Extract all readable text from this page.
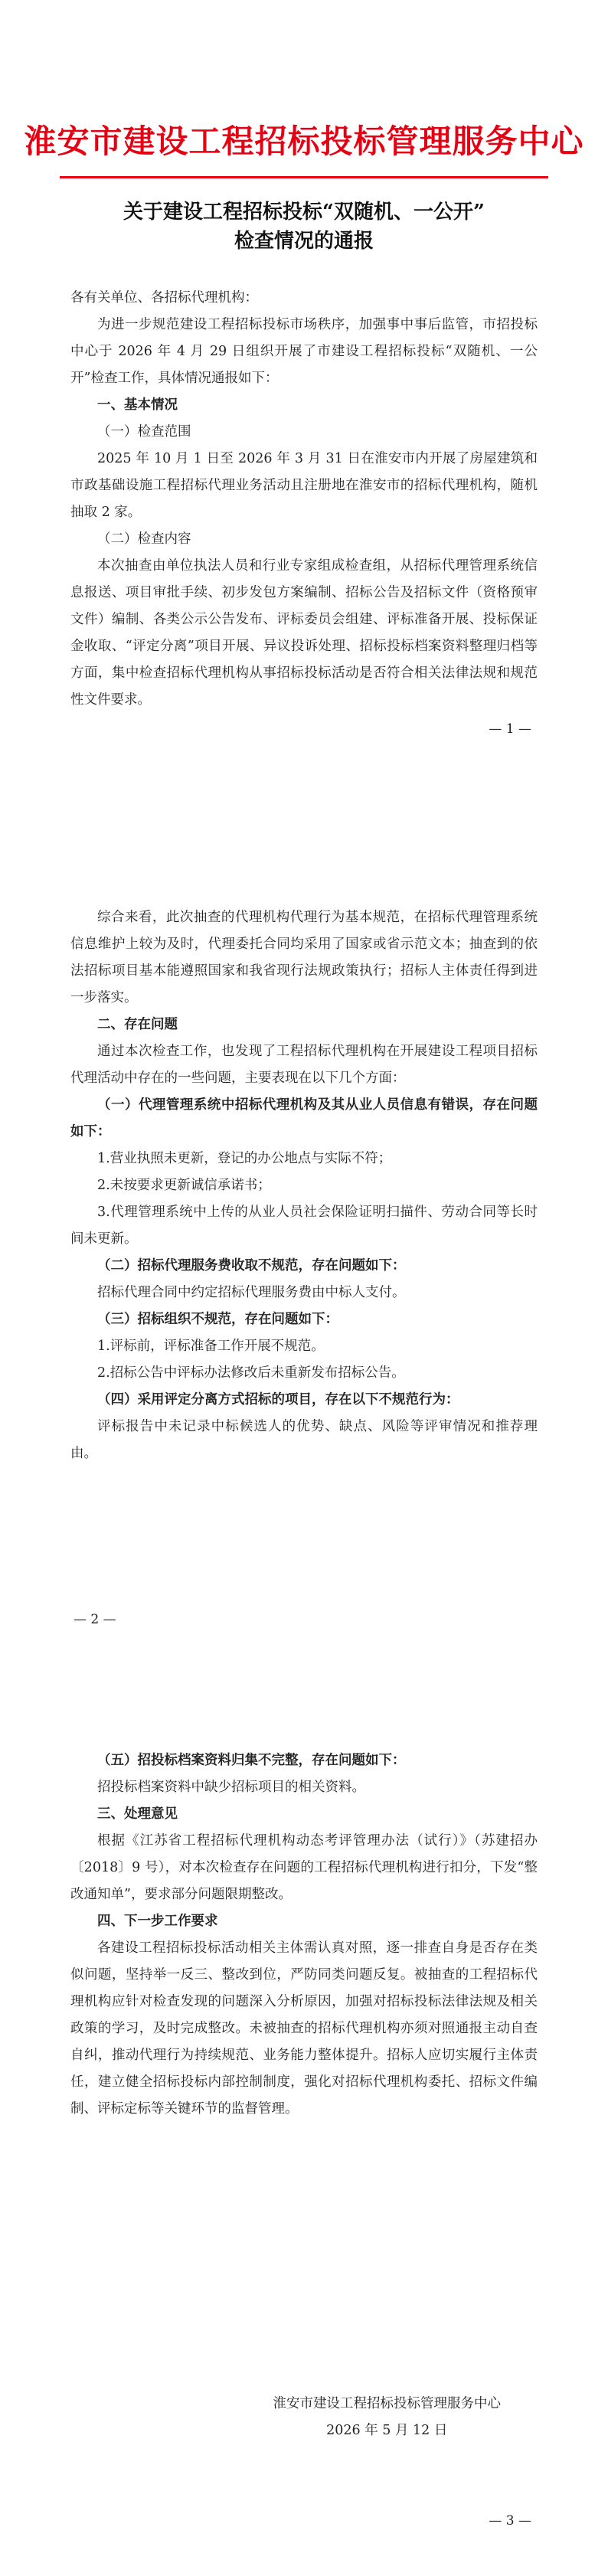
淮安市建设工程招标投标管理服务中心
关于建设工程招标投标“双随机、一公开”
检查情况的通报

各有关单位、各招标代理机构：

为进一步规范建设工程招标投标市场秩序，加强事中事后监管，市招投标中心于 2026 年 4 月 29 日组织开展了市建设工程招标投标“双随机、一公开”检查工作，具体情况通报如下：

一、基本情况

（一）检查范围

2025 年 10 月 1 日至 2026 年 3 月 31 日在淮安市内开展了房屋建筑和市政基础设施工程招标代理业务活动且注册地在淮安市的招标代理机构，随机抽取 2 家。

（二）检查内容

本次抽查由单位执法人员和行业专家组成检查组，从招标代理管理系统信息报送、项目审批手续、初步发包方案编制、招标公告及招标文件（资格预审文件）编制、各类公示公告发布、评标委员会组建、评标准备开展、投标保证金收取、“评定分离”项目开展、异议投诉处理、招标投标档案资料整理归档等方面，集中检查招标代理机构从事招标投标活动是否符合相关法律法规和规范性文件要求。

— 1 —

综合来看，此次抽查的代理机构代理行为基本规范，在招标代理管理系统信息维护上较为及时，代理委托合同均采用了国家或省示范文本；抽查到的依法招标项目基本能遵照国家和我省现行法规政策执行；招标人主体责任得到进一步落实。

二、存在问题

通过本次检查工作，也发现了工程招标代理机构在开展建设工程项目招标代理活动中存在的一些问题，主要表现在以下几个方面：

（一）代理管理系统中招标代理机构及其从业人员信息有错误，存在问题如下：

1.营业执照未更新，登记的办公地点与实际不符；

2.未按要求更新诚信承诺书；

3.代理管理系统中上传的从业人员社会保险证明扫描件、劳动合同等长时间未更新。

（二）招标代理服务费收取不规范，存在问题如下：

招标代理合同中约定招标代理服务费由中标人支付。

（三）招标组织不规范，存在问题如下：

1.评标前，评标准备工作开展不规范。

2.招标公告中评标办法修改后未重新发布招标公告。

（四）采用评定分离方式招标的项目，存在以下不规范行为：

评标报告中未记录中标候选人的优势、缺点、风险等评审情况和推荐理由。

— 2 —

（五）招投标档案资料归集不完整，存在问题如下：

招投标档案资料中缺少招标项目的相关资料。

三、处理意见

根据《江苏省工程招标代理机构动态考评管理办法（试行）》（苏建招办〔2018〕9 号），对本次检查存在问题的工程招标代理机构进行扣分，下发“整改通知单”，要求部分问题限期整改。

四、下一步工作要求

各建设工程招标投标活动相关主体需认真对照，逐一排查自身是否存在类似问题，坚持举一反三、整改到位，严防同类问题反复。被抽查的工程招标代理机构应针对检查发现的问题深入分析原因，加强对招标投标法律法规及相关政策的学习，及时完成整改。未被抽查的招标代理机构亦须对照通报主动自查自纠，推动代理行为持续规范、业务能力整体提升。招标人应切实履行主体责任，建立健全招标投标内部控制制度，强化对招标代理机构委托、招标文件编制、评标定标等关键环节的监督管理。

淮安市建设工程招标投标管理服务中心
2026 年 5 月 12 日
— 3 —
